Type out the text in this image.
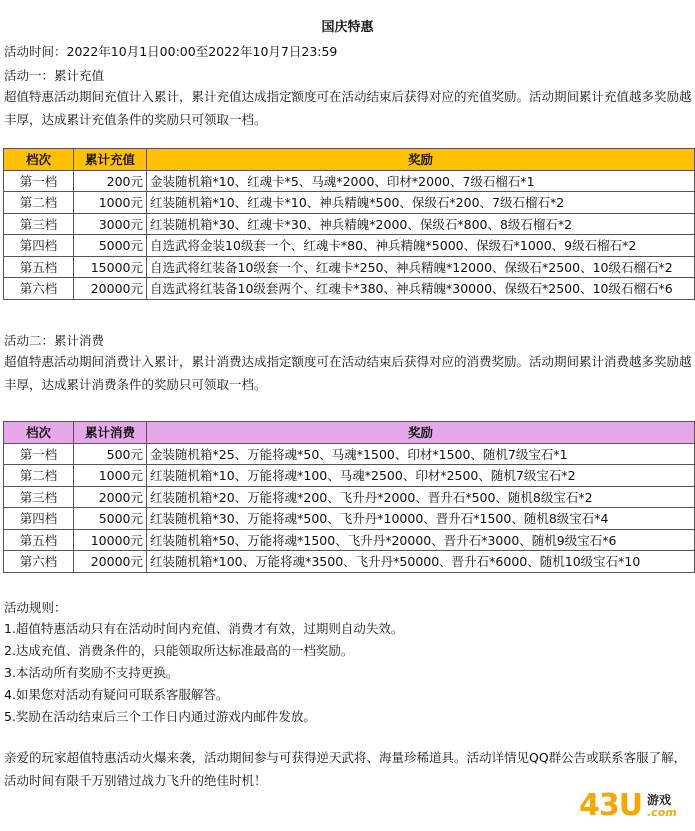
国庆特惠
活动时间：2022年10月1日00:00至2022年10月7日23:59
活动一：累计充值
超值特惠活动期间充值计入累计，累计充值达成指定额度可在活动结束后获得对应的充值奖励。活动期间累计充值越多奖励越丰厚，达成累计充值条件的奖励只可领取一档。
档次	累计充值	奖励
第一档	200元	金装随机箱*10、红魂卡*5、马魂*2000、印材*2000、7级石榴石*1
第二档	1000元	红装随机箱*10、红魂卡*10、神兵精魄*500、保级石*200、7级石榴石*2
第三档	3000元	红装随机箱*30、红魂卡*30、神兵精魄*2000、保级石*800、8级石榴石*2
第四档	5000元	自选武将金装10级套一个、红魂卡*80、神兵精魄*5000、保级石*1000、9级石榴石*2
第五档	15000元	自选武将红装备10级套一个、红魂卡*250、神兵精魄*12000、保级石*2500、10级石榴石*2
第六档	20000元	自选武将红装备10级套两个、红魂卡*380、神兵精魄*30000、保级石*2500、10级石榴石*6
活动二：累计消费
超值特惠活动期间消费计入累计，累计消费达成指定额度可在活动结束后获得对应的消费奖励。活动期间累计消费越多奖励越丰厚，达成累计消费条件的奖励只可领取一档。
档次	累计消费	奖励
第一档	500元	金装随机箱*25、万能将魂*50、马魂*1500、印材*1500、随机7级宝石*1
第二档	1000元	红装随机箱*10、万能将魂*100、马魂*2500、印材*2500、随机7级宝石*2
第三档	2000元	红装随机箱*20、万能将魂*200、飞升丹*2000、晋升石*500、随机8级宝石*2
第四档	5000元	红装随机箱*30、万能将魂*500、飞升丹*10000、晋升石*1500、随机8级宝石*4
第五档	10000元	红装随机箱*50、万能将魂*1500、飞升丹*20000、晋升石*3000、随机9级宝石*6
第六档	20000元	红装随机箱*100、万能将魂*3500、飞升丹*50000、晋升石*6000、随机10级宝石*10
活动规则：
1.超值特惠活动只有在活动时间内充值、消费才有效，过期则自动失效。
2.达成充值、消费条件的，只能领取所达标准最高的一档奖励。
3.本活动所有奖励不支持更换。
4.如果您对活动有疑问可联系客服解答。
5.奖励在活动结束后三个工作日内通过游戏内邮件发放。
亲爱的玩家超值特惠活动火爆来袭，活动期间参与可获得逆天武将、海量珍稀道具。活动详情见QQ群公告或联系客服了解，活动时间有限千万别错过战力飞升的绝佳时机！
43U 游戏
.com
